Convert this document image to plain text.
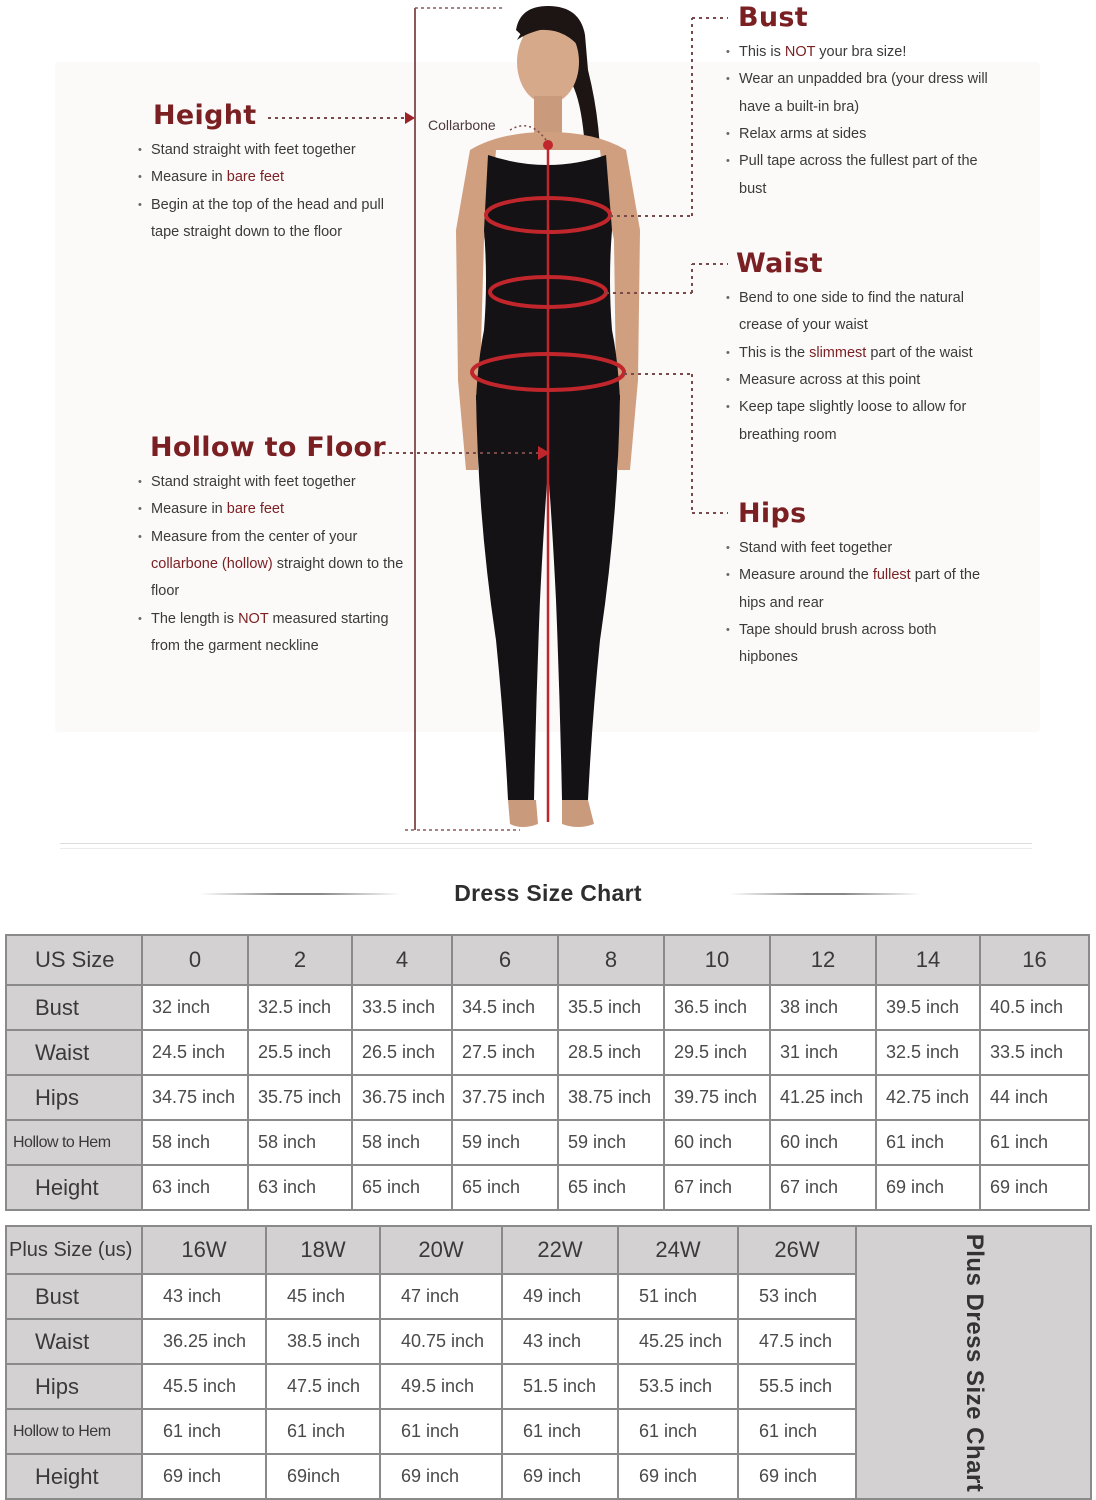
Collarbone
Height
• Stand straight with feet together
• Measure in bare feet
• Begin at the top of the head and pull tape straight down to the floor
Hollow to Floor
• Stand straight with feet together
• Measure in bare feet
• Measure from the center of your collarbone (hollow) straight down to the floor
• The length is NOT measured starting from the garment neckline
Bust
• This is NOT your bra size!
• Wear an unpadded bra (your dress will have a built-in bra)
• Relax arms at sides
• Pull tape across the fullest part of the bust
Waist
• Bend to one side to find the natural crease of your waist
• This is the slimmest part of the waist
• Measure across at this point
• Keep tape slightly loose to allow for breathing room
Hips
• Stand with feet together
• Measure around the fullest part of the hips and rear
• Tape should brush across both hipbones
Dress Size Chart
US Size	0	2	4	6	8	10	12	14	16
Bust	32 inch	32.5 inch	33.5 inch	34.5 inch	35.5 inch	36.5 inch	38 inch	39.5 inch	40.5 inch
Waist	24.5 inch	25.5 inch	26.5 inch	27.5 inch	28.5 inch	29.5 inch	31 inch	32.5 inch	33.5 inch
Hips	34.75 inch	35.75 inch	36.75 inch	37.75 inch	38.75 inch	39.75 inch	41.25 inch	42.75 inch	44 inch
Hollow to Hem	58 inch	58 inch	58 inch	59 inch	59 inch	60 inch	60 inch	61 inch	61 inch
Height	63 inch	63 inch	65 inch	65 inch	65 inch	67 inch	67 inch	69 inch	69 inch
Plus Size (us)	16W	18W	20W	22W	24W	26W	Plus Dress Size Chart

Bust	43 inch	45 inch	47 inch	49 inch	51 inch	53 inch	
Waist	36.25 inch	38.5 inch	40.75 inch	43 inch	45.25 inch	47.5 inch	
Hips	45.5 inch	47.5 inch	49.5 inch	51.5 inch	53.5 inch	55.5 inch	
Hollow to Hem	61 inch	61 inch	61 inch	61 inch	61 inch	61 inch	
Height	69 inch	69inch	69 inch	69 inch	69 inch	69 inch	
